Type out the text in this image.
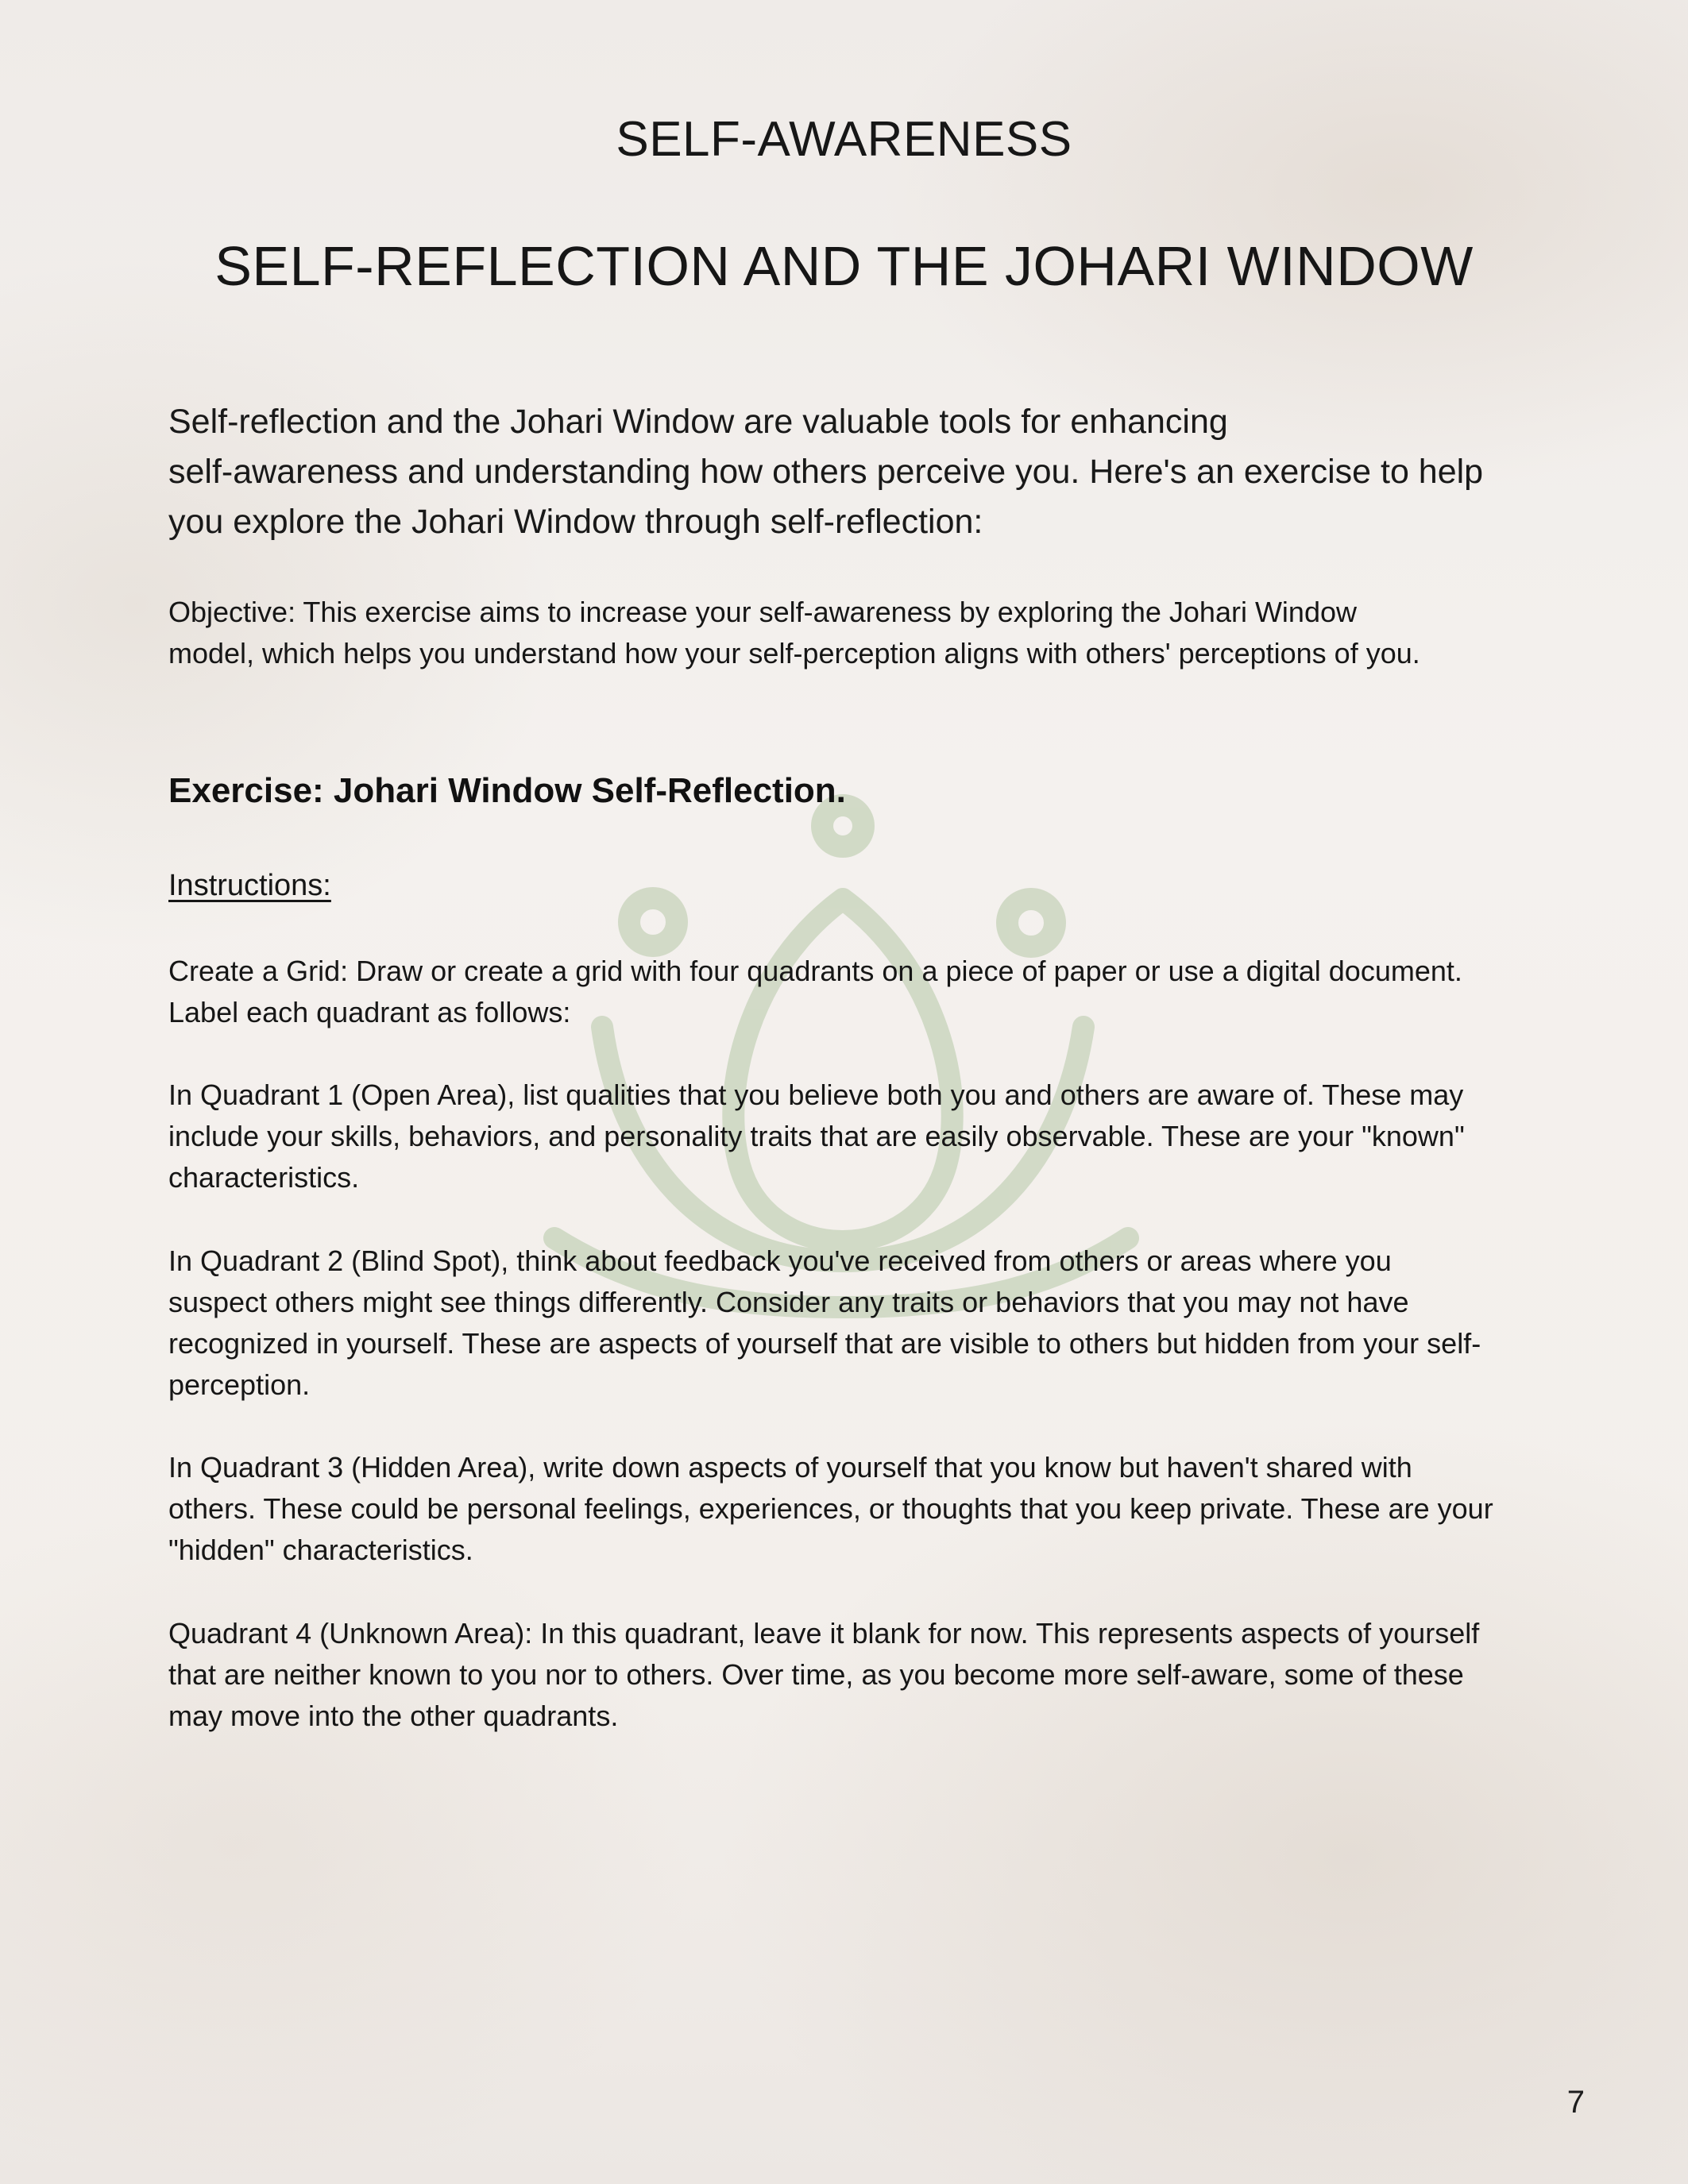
SELF-AWARENESS
SELF-REFLECTION AND THE JOHARI WINDOW
Self-reflection and the Johari Window are valuable tools for enhancing
self-awareness and understanding how others perceive you. Here's an exercise to help
you explore the Johari Window through self-reflection:
Objective: This exercise aims to increase your self-awareness by exploring the Johari Window
model, which helps you understand how your self-perception aligns with others' perceptions of you.
Exercise: Johari Window Self-Reflection.
Instructions:
Create a Grid: Draw or create a grid with four quadrants on a piece of paper or use a digital document.
Label each quadrant as follows:
In Quadrant 1 (Open Area), list qualities that you believe both you and others are aware of. These may
include your skills, behaviors, and personality traits that are easily observable. These are your "known"
characteristics.
In Quadrant 2 (Blind Spot), think about feedback you've received from others or areas where you
suspect others might see things differently. Consider any traits or behaviors that you may not have
recognized in yourself. These are aspects of yourself that are visible to others but hidden from your self-
perception.
In Quadrant 3 (Hidden Area), write down aspects of yourself that you know but haven't shared with
others. These could be personal feelings, experiences, or thoughts that you keep private. These are your
"hidden" characteristics.
Quadrant 4 (Unknown Area): In this quadrant, leave it blank for now. This represents aspects of yourself
that are neither known to you nor to others. Over time, as you become more self-aware, some of these
may move into the other quadrants.
7
